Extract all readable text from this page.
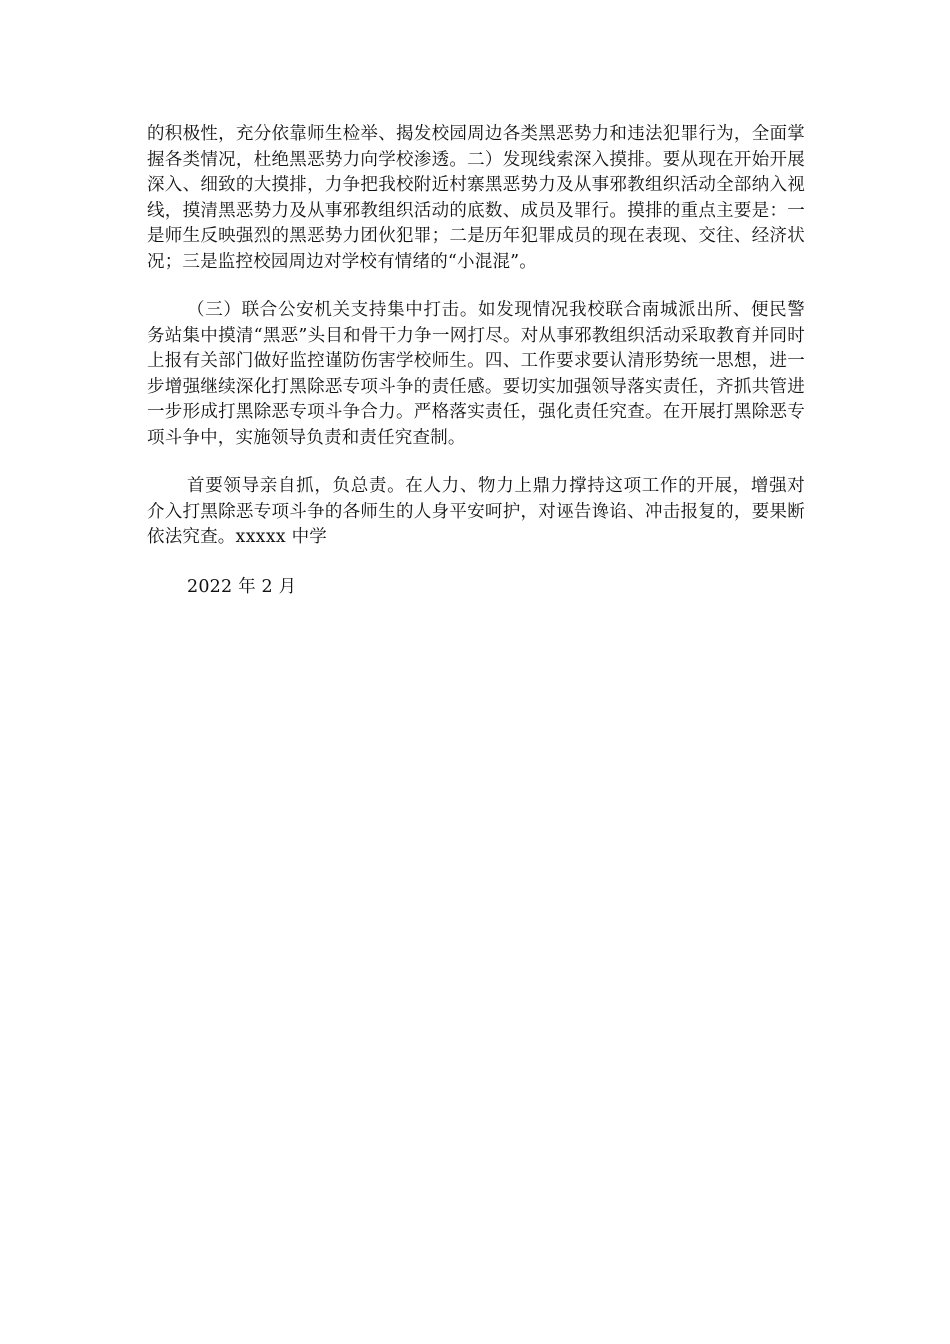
的积极性，充分依靠师生检举、揭发校园周边各类黑恶势力和违法犯罪行为，全面掌握各类情况，杜绝黑恶势力向学校渗透。二）发现线索深入摸排。要从现在开始开展深入、细致的大摸排，力争把我校附近村寨黑恶势力及从事邪教组织活动全部纳入视线，摸清黑恶势力及从事邪教组织活动的底数、成员及罪行。摸排的重点主要是：一是师生反映强烈的黑恶势力团伙犯罪；二是历年犯罪成员的现在表现、交往、经济状况；三是监控校园周边对学校有情绪的“小混混”。

（三）联合公安机关支持集中打击。如发现情况我校联合南城派出所、便民警务站集中摸清“黑恶”头目和骨干力争一网打尽。对从事邪教组织活动采取教育并同时上报有关部门做好监控谨防伤害学校师生。四、工作要求要认清形势统一思想，进一步增强继续深化打黑除恶专项斗争的责任感。要切实加强领导落实责任，齐抓共管进一步形成打黑除恶专项斗争合力。严格落实责任，强化责任究查。在开展打黑除恶专项斗争中，实施领导负责和责任究查制。

首要领导亲自抓，负总责。在人力、物力上鼎力撑持这项工作的开展，增强对介入打黑除恶专项斗争的各师生的人身平安呵护，对诬告谗谄、冲击报复的，要果断依法究查。xxxxx 中学

2022 年 2 月
